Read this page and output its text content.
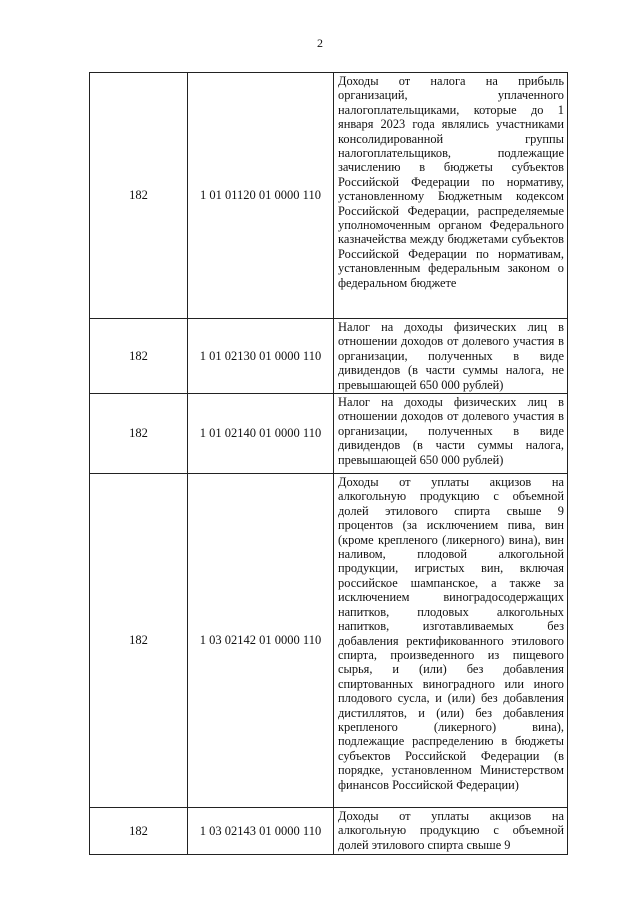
2
182	1 01 01120 01 0000 110	Доходы от налога на прибыль организаций, уплаченного налогоплательщиками, которые до 1 января 2023 года являлись участниками консолидированной группы налогоплательщиков, подлежащие зачислению в бюджеты субъектов Российской Федерации по нормативу, установленному Бюджетным кодексом Российской Федерации, распределяемые уполномоченным органом Федерального казначейства между бюджетами субъектов Российской Федерации по нормативам, установленным федеральным законом о федеральном бюджете
182	1 01 02130 01 0000 110	Налог на доходы физических лиц в отношении доходов от долевого участия в организации, полученных в виде дивидендов (в части суммы налога, не превышающей 650 000 рублей)
182	1 01 02140 01 0000 110	Налог на доходы физических лиц в отношении доходов от долевого участия в организации, полученных в виде дивидендов (в части суммы налога, превышающей 650 000 рублей)
182	1 03 02142 01 0000 110	Доходы от уплаты акцизов на алкогольную продукцию с объемной долей этилового спирта свыше 9 процентов (за исключением пива, вин (кроме крепленого (ликерного) вина), вин наливом, плодовой алкогольной продукции, игристых вин, включая российское шампанское, а также за исключением виноградосодержащих напитков, плодовых алкогольных напитков, изготавливаемых без добавления ректификованного этилового спирта, произведенного из пищевого сырья, и (или) без добавления спиртованных виноградного или иного плодового сусла, и (или) без добавления дистиллятов, и (или) без добавления крепленого (ликерного) вина), подлежащие распределению в бюджеты субъектов Российской Федерации (в порядке, установленном Министерством финансов Российской Федерации)
182	1 03 02143 01 0000 110	Доходы от уплаты акцизов на алкогольную продукцию с объемной долей этилового спирта свыше 9
